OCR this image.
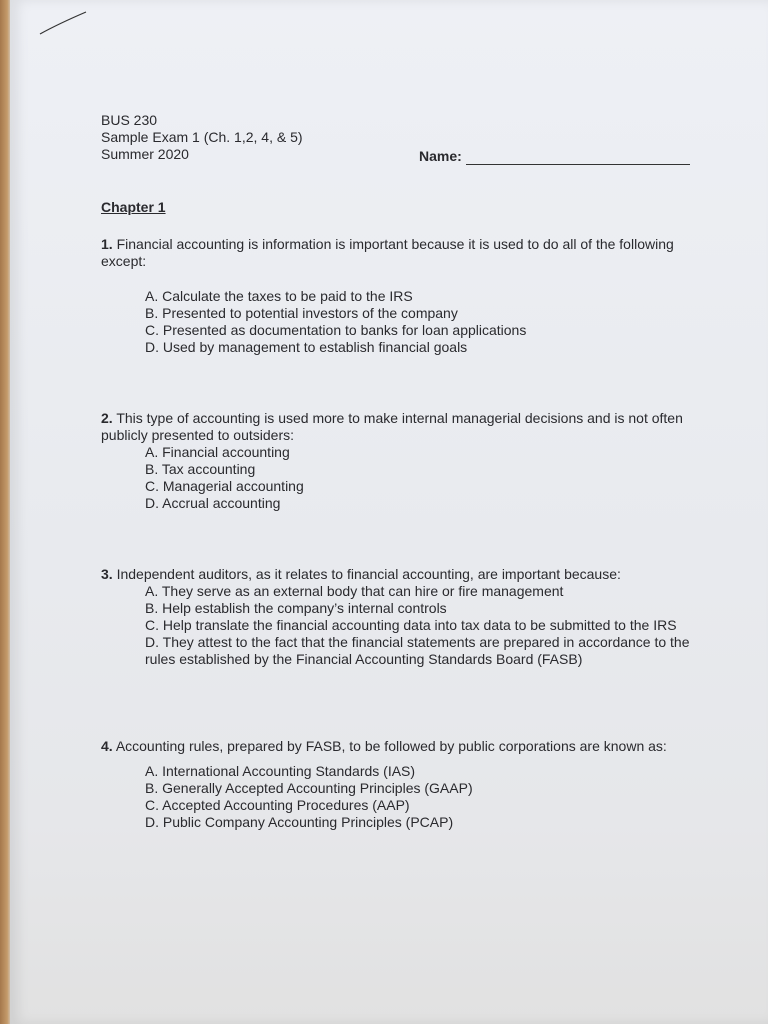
BUS 230
Sample Exam 1 (Ch. 1,2, 4, & 5)
Summer 2020	Name:
Chapter 1
1. Financial accounting is information is important because it is used to do all of the following except:
A. Calculate the taxes to be paid to the IRS
B. Presented to potential investors of the company
C. Presented as documentation to banks for loan applications
D. Used by management to establish financial goals
2. This type of accounting is used more to make internal managerial decisions and is not often publicly presented to outsiders:
A. Financial accounting
B. Tax accounting
C. Managerial accounting
D. Accrual accounting
3. Independent auditors, as it relates to financial accounting, are important because:
A. They serve as an external body that can hire or fire management
B. Help establish the company’s internal controls
C. Help translate the financial accounting data into tax data to be submitted to the IRS
D. They attest to the fact that the financial statements are prepared in accordance to the rules established by the Financial Accounting Standards Board (FASB)
4. Accounting rules, prepared by FASB, to be followed by public corporations are known as:
A. International Accounting Standards (IAS)
B. Generally Accepted Accounting Principles (GAAP)
C. Accepted Accounting Procedures (AAP)
D. Public Company Accounting Principles (PCAP)
